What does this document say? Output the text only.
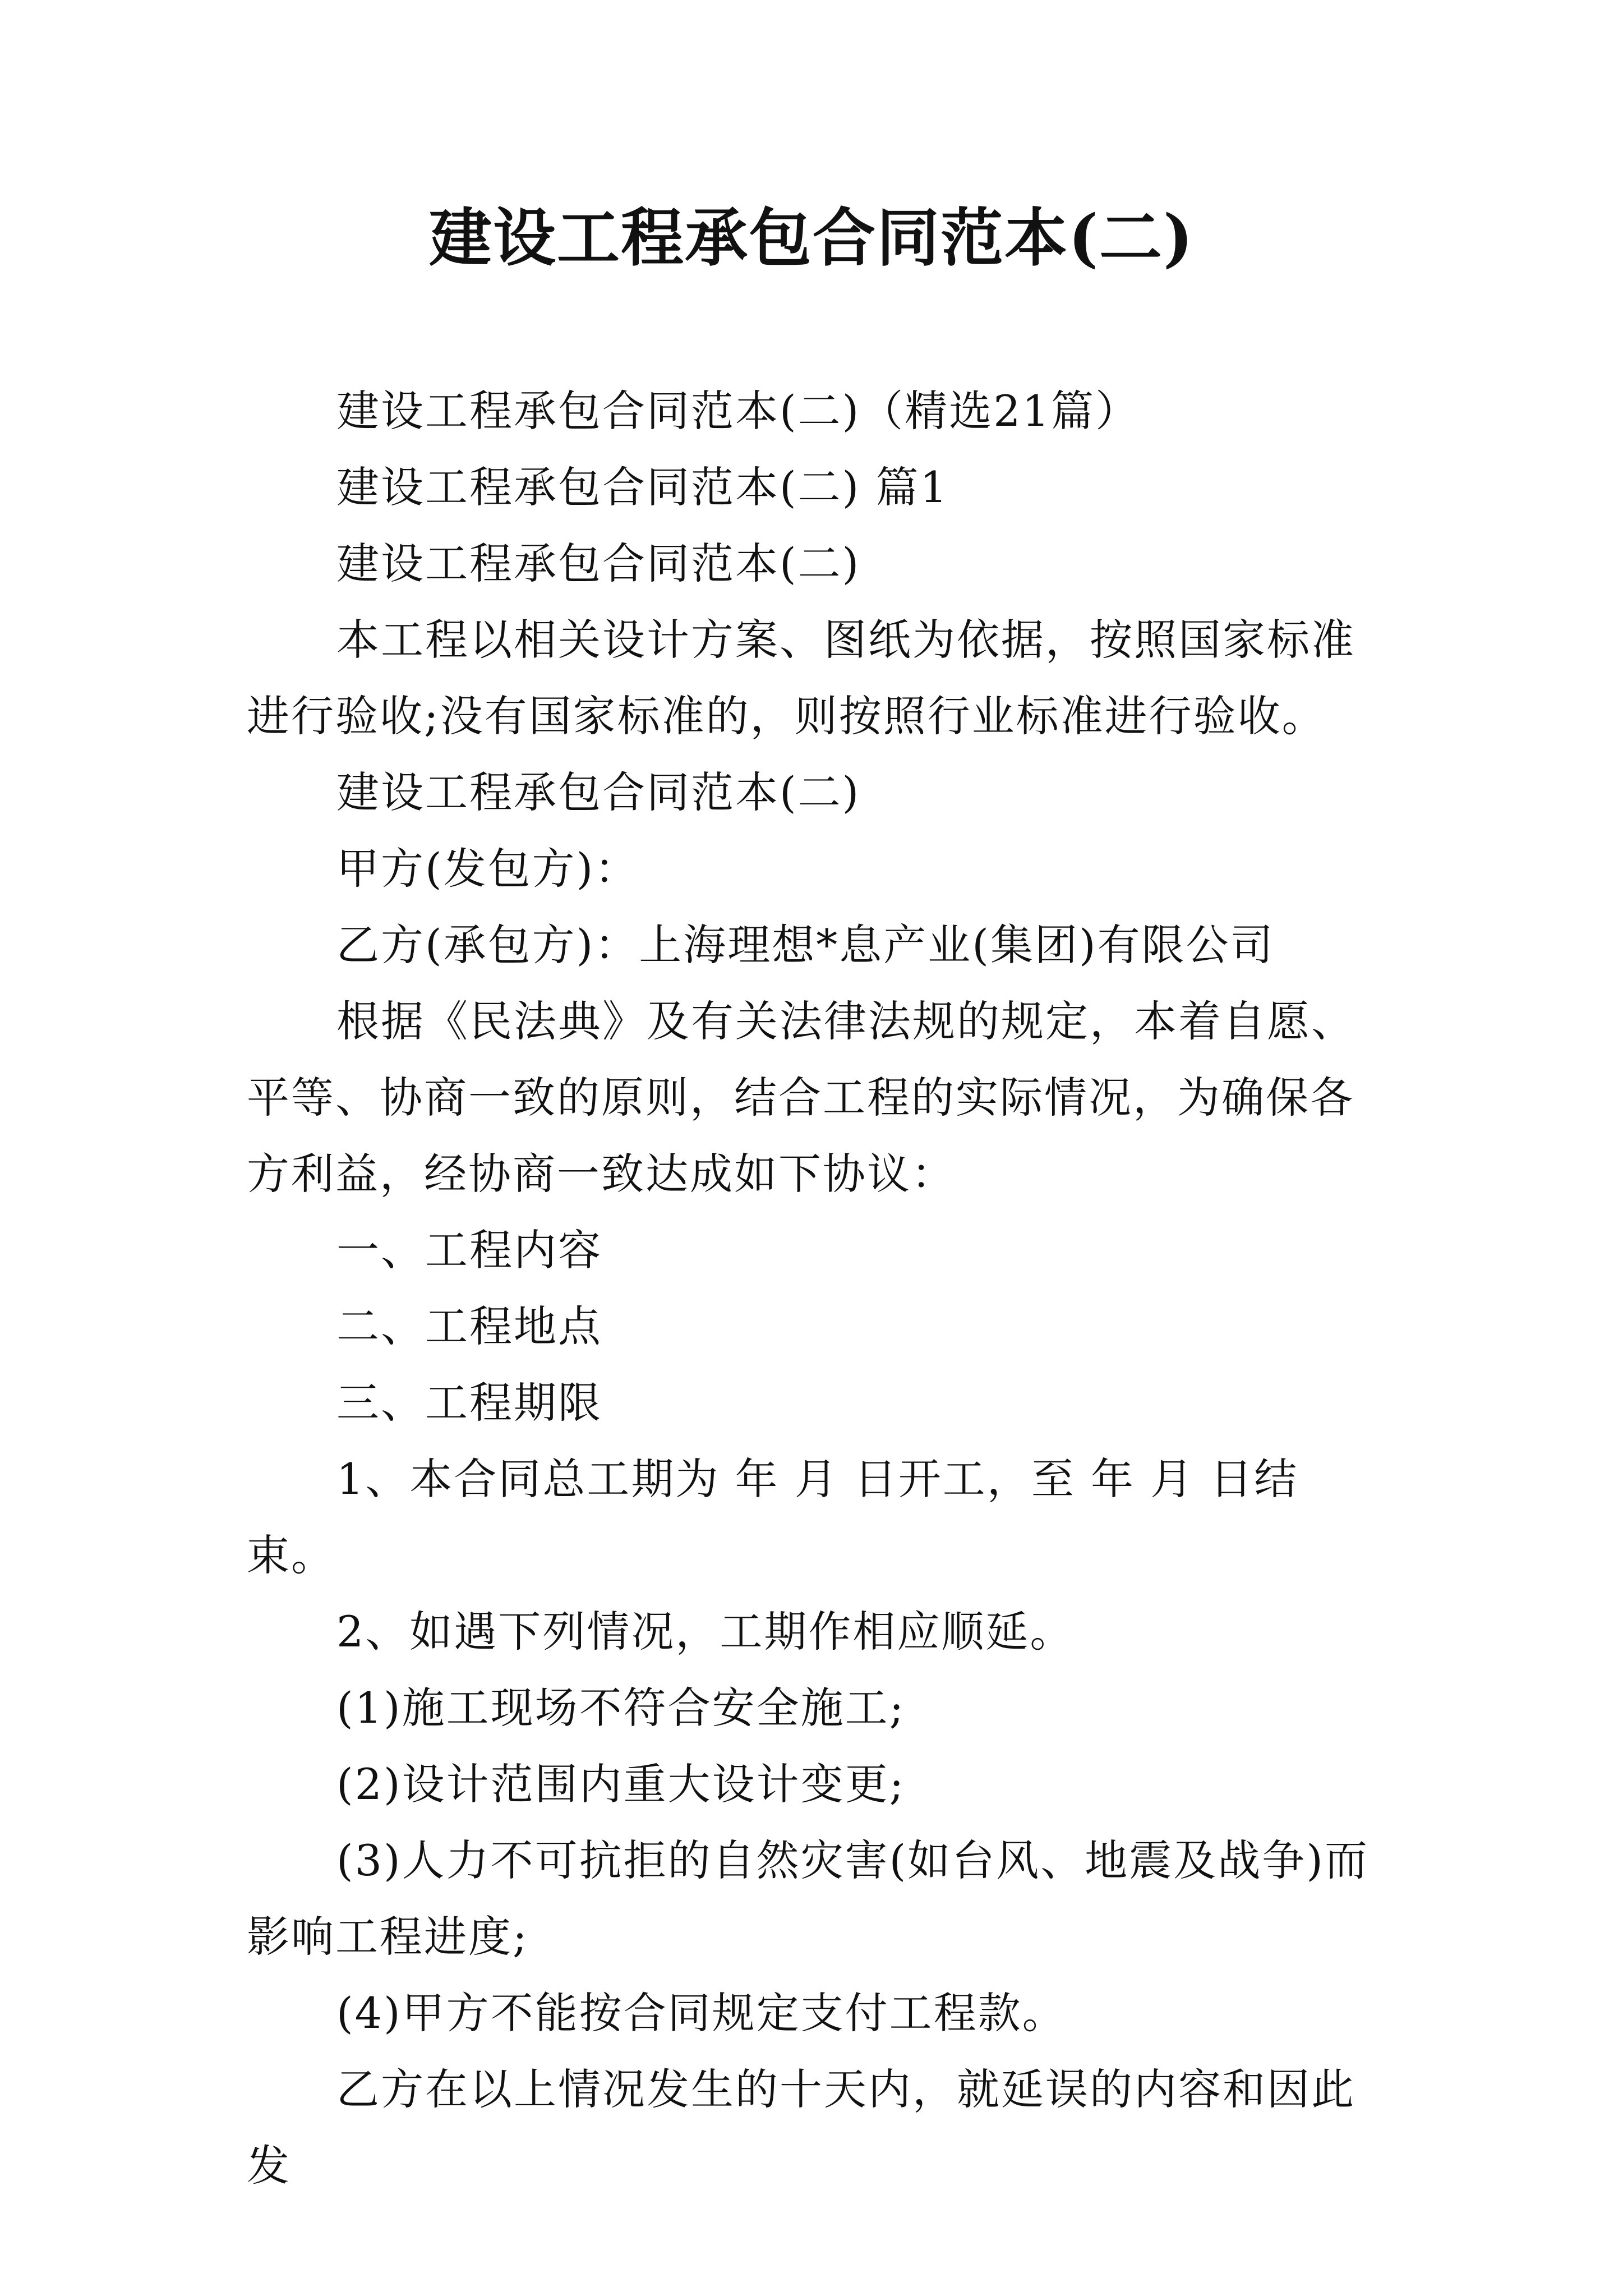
建设工程承包合同范本(二)

建设工程承包合同范本(二)（精选21篇）

建设工程承包合同范本(二) 篇1

建设工程承包合同范本(二)

本工程以相关设计方案、图纸为依据，按照国家标准进行验收;没有国家标准的，则按照行业标准进行验收。

建设工程承包合同范本(二)

甲方(发包方)：

乙方(承包方)：上海理想*息产业(集团)有限公司

根据《民法典》及有关法律法规的规定，本着自愿、平等、协商一致的原则，结合工程的实际情况，为确保各方利益，经协商一致达成如下协议：

一、工程内容

二、工程地点

三、工程期限

1、本合同总工期为 年 月 日开工，至 年 月 日结束。

2、如遇下列情况，工期作相应顺延。

(1)施工现场不符合安全施工;

(2)设计范围内重大设计变更;

(3)人力不可抗拒的自然灾害(如台风、地震及战争)而影响工程进度;

(4)甲方不能按合同规定支付工程款。

乙方在以上情况发生的十天内，就延误的内容和因此发
